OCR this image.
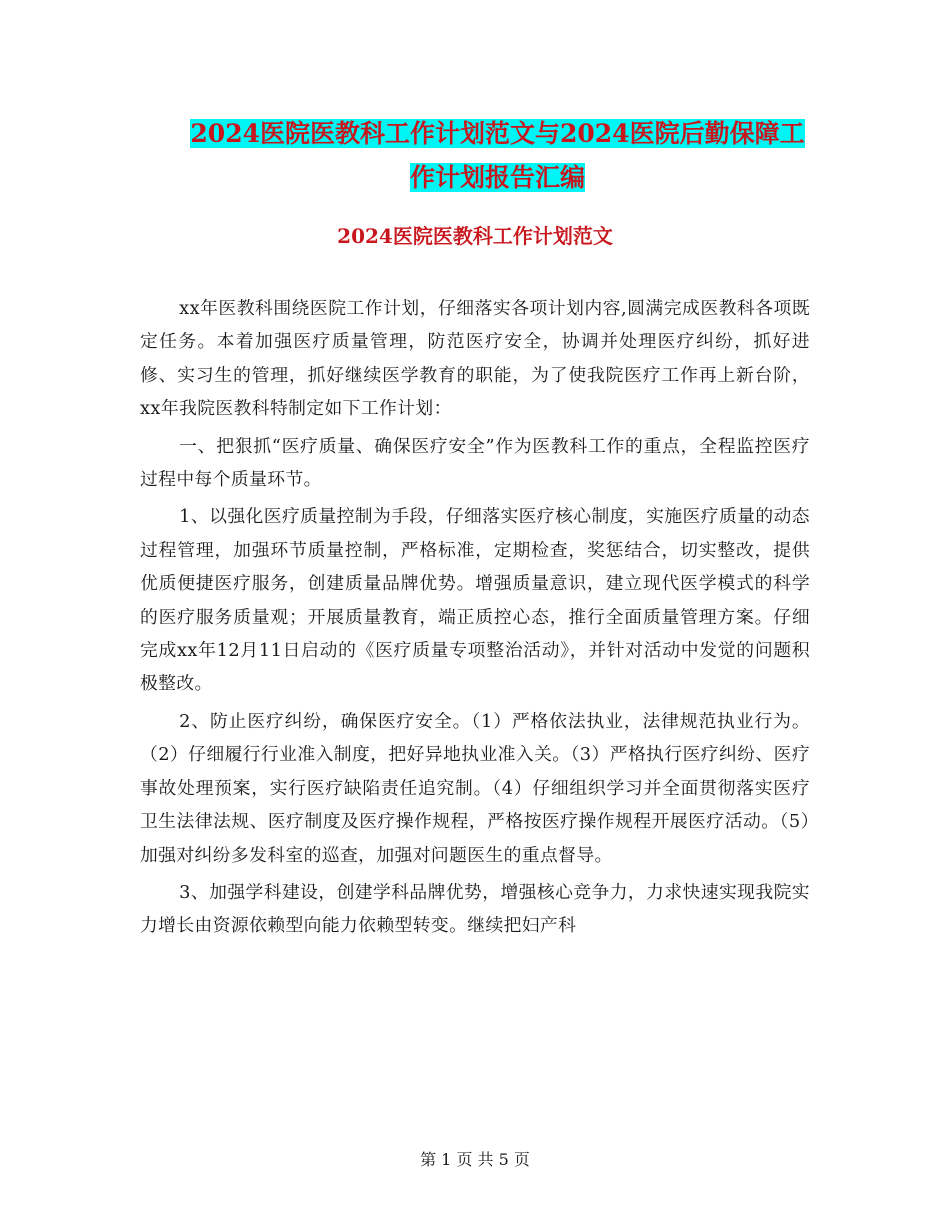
2024医院医教科工作计划范文与2024医院后勤保障工
作计划报告汇编
2024医院医教科工作计划范文

xx年医教科围绕医院工作计划，仔细落实各项计划内容,圆满完成医教科各项既定任务。本着加强医疗质量管理，防范医疗安全，协调并处理医疗纠纷，抓好进修、实习生的管理，抓好继续医学教育的职能，为了使我院医疗工作再上新台阶，xx年我院医教科特制定如下工作计划：

一、把狠抓“医疗质量、确保医疗安全”作为医教科工作的重点，全程监控医疗过程中每个质量环节。

1、以强化医疗质量控制为手段，仔细落实医疗核心制度，实施医疗质量的动态过程管理，加强环节质量控制，严格标准，定期检查，奖惩结合，切实整改，提供优质便捷医疗服务，创建质量品牌优势。增强质量意识，建立现代医学模式的科学的医疗服务质量观；开展质量教育，端正质控心态，推行全面质量管理方案。仔细完成xx年12月11日启动的《医疗质量专项整治活动》，并针对活动中发觉的问题积极整改。

2、防止医疗纠纷，确保医疗安全。（1）严格依法执业，法律规范执业行为。（2）仔细履行行业准入制度，把好异地执业准入关。（3）严格执行医疗纠纷、医疗事故处理预案，实行医疗缺陷责任追究制。（4）仔细组织学习并全面贯彻落实医疗卫生法律法规、医疗制度及医疗操作规程，严格按医疗操作规程开展医疗活动。（5）加强对纠纷多发科室的巡查，加强对问题医生的重点督导。

3、加强学科建设，创建学科品牌优势，增强核心竞争力，力求快速实现我院实力增长由资源依赖型向能力依赖型转变。继续把妇产科

第 1 页 共 5 页
